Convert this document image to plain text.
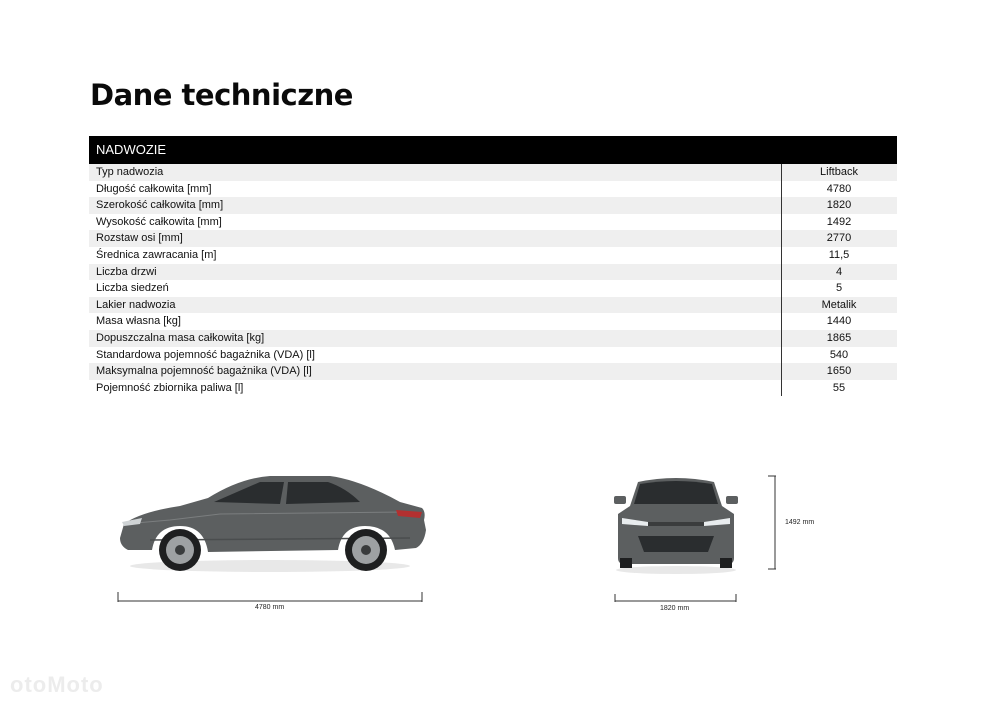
Dane techniczne
NADWOZIE
Typ nadwozia	Liftback
Długość całkowita [mm]	4780
Szerokość całkowita [mm]	1820
Wysokość całkowita [mm]	1492
Rozstaw osi [mm]	2770
Średnica zawracania [m]	11,5
Liczba drzwi	4
Liczba siedzeń	5
Lakier nadwozia	Metalik
Masa własna [kg]	1440
Dopuszczalna masa całkowita [kg]	1865
Standardowa pojemność bagażnika (VDA) [l]	540
Maksymalna pojemność bagażnika (VDA) [l]	1650
Pojemność zbiornika paliwa [l]	55
4780 mm	1820 mm
1492 mm
otoMoto
